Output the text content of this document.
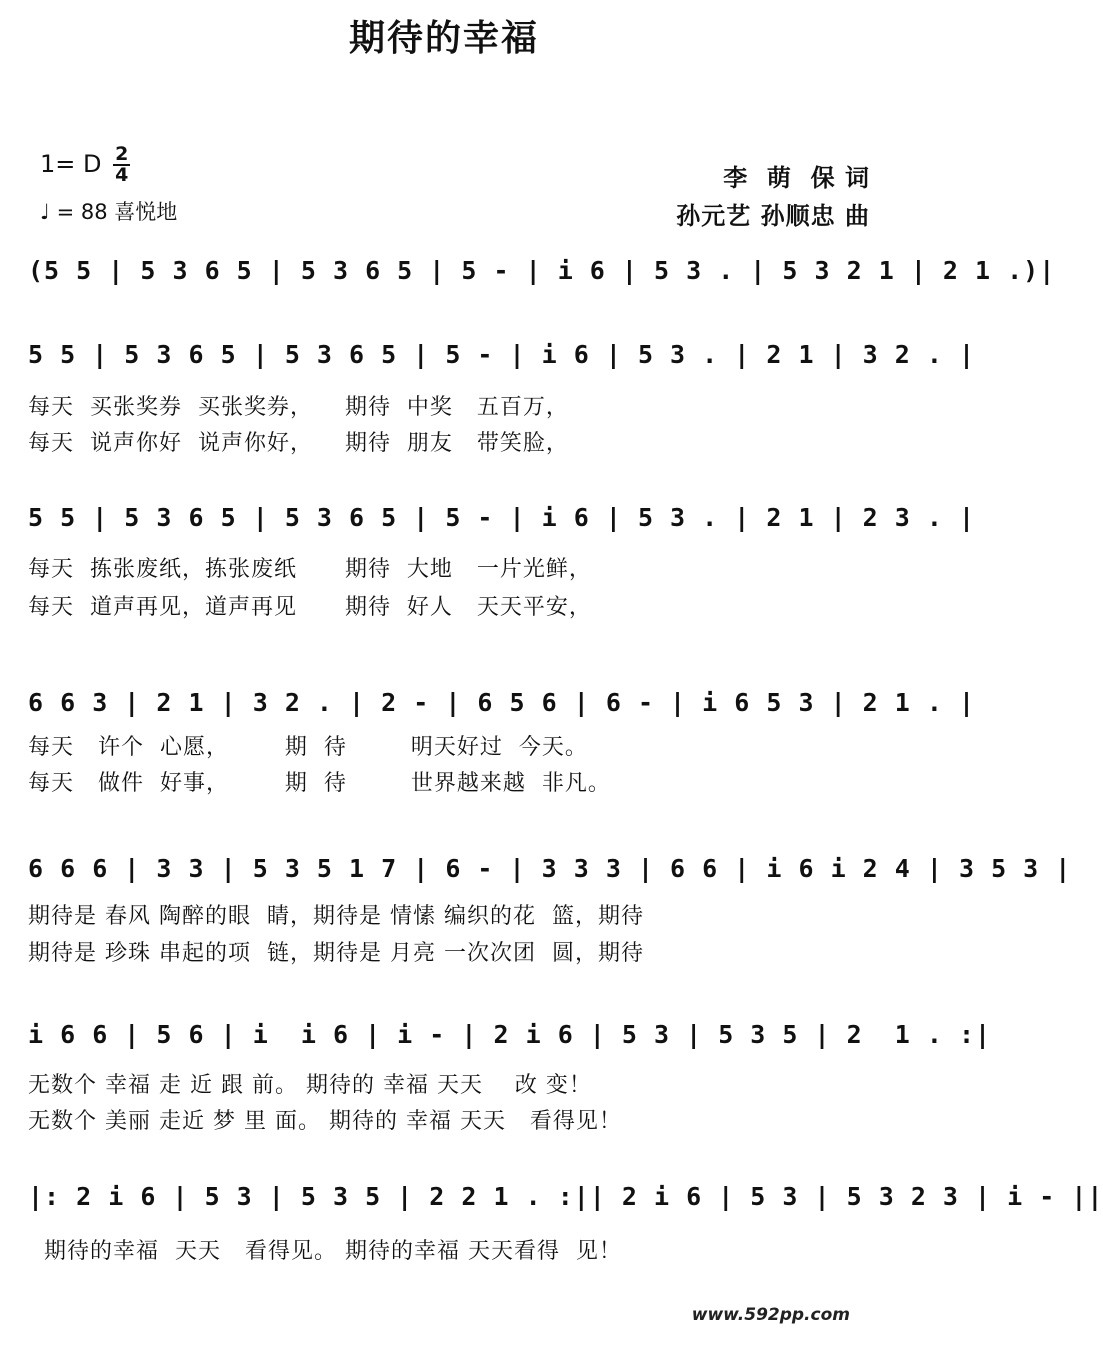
期待的幸福
1= D $\frac{2}{4}$
♩ = 88 喜悦地
李  萌  保 词
孙元艺 孙顺忠 曲
(5 5 | 5 3 6 5 | 5 3 6 5 | 5 - | i 6 | 5 3 . | 5 3 2 1 | 2 1 .)|
5 5 | 5 3 6 5 | 5 3 6 5 | 5 - | i 6 | 5 3 . | 2 1 | 3 2 . |
每天  买张奖券  买张奖券，    期待  中奖   五百万，
每天  说声你好  说声你好，    期待  朋友   带笑脸，
5 5 | 5 3 6 5 | 5 3 6 5 | 5 - | i 6 | 5 3 . | 2 1 | 2 3 . |
每天  拣张废纸，拣张废纸      期待  大地   一片光鲜，
每天  道声再见，道声再见      期待  好人   天天平安，
6 6 3 | 2 1 | 3 2 . | 2 - | 6 5 6 | 6 - | i 6 5 3 | 2 1 . |
每天   许个  心愿，       期  待        明天好过  今天。
每天   做件  好事，       期  待        世界越来越  非凡。
6 6 6 | 3 3 | 5 3 5 1 7 | 6 - | 3 3 3 | 6 6 | i 6 i 2 4 | 3 5 3 |
期待是 春风 陶醉的眼  睛，期待是 情愫 编织的花  篮，期待
期待是 珍珠 串起的项  链，期待是 月亮 一次次团  圆，期待
i 6 6 | 5 6 | i  i 6 | i - | 2 i 6 | 5 3 | 5 3 5 | 2  1 . :|
无数个 幸福 走 近 跟 前。 期待的 幸福 天天    改 变！
无数个 美丽 走近 梦 里 面。 期待的 幸福 天天   看得见！
|: 2 i 6 | 5 3 | 5 3 5 | 2 2 1 . :|| 2 i 6 | 5 3 | 5 3 2 3 | i - ||
期待的幸福  天天   看得见。 期待的幸福 天天看得  见！
www.592pp.com
